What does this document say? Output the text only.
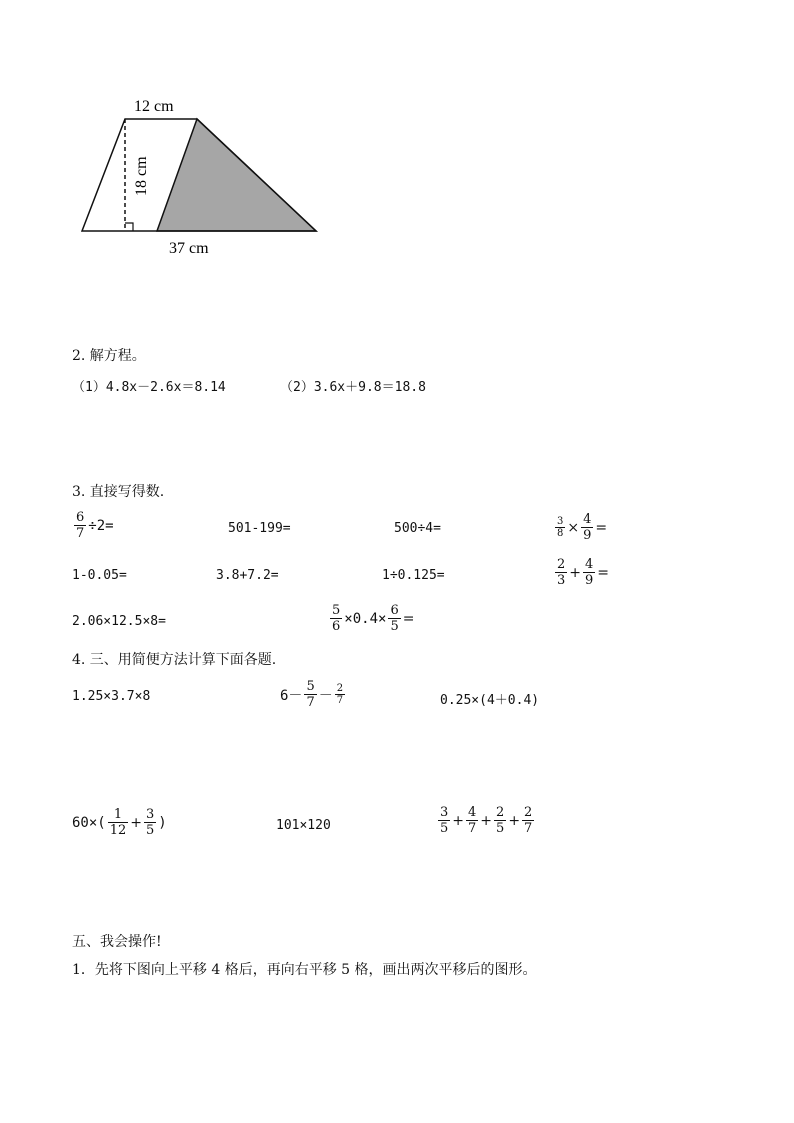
12 cm
18 cm
37 cm
2. 解方程。
（1）4.8x－2.6x＝8.14	（2）3.6x＋9.8＝18.8
3. 直接写得数.
$\frac{6}{7} \div 2=$	501-199=	500÷4=	$\frac{3}{8} \times \frac{4}{9}$ =
1-0.05=	3.8+7.2=	1÷0.125=	$\frac{2}{3} + \frac{4}{9}$ =
2.06×12.5×8=	$\frac{5}{6} \times 0.4\times \frac{6}{5}$ =
4. 三、用简便方法计算下面各题.
1.25×3.7×8	$6- \frac{5}{7} - \frac{2}{7}$	0.25×(4＋0.4)
$60\times( \frac{1}{12} + \frac{3}{5}$ )	101×120	$\frac{3}{5} + \frac{4}{7} + \frac{2}{5} + \frac{2}{7}$
五、我会操作!
1．先将下图向上平移 4 格后，再向右平移 5 格，画出两次平移后的图形。
